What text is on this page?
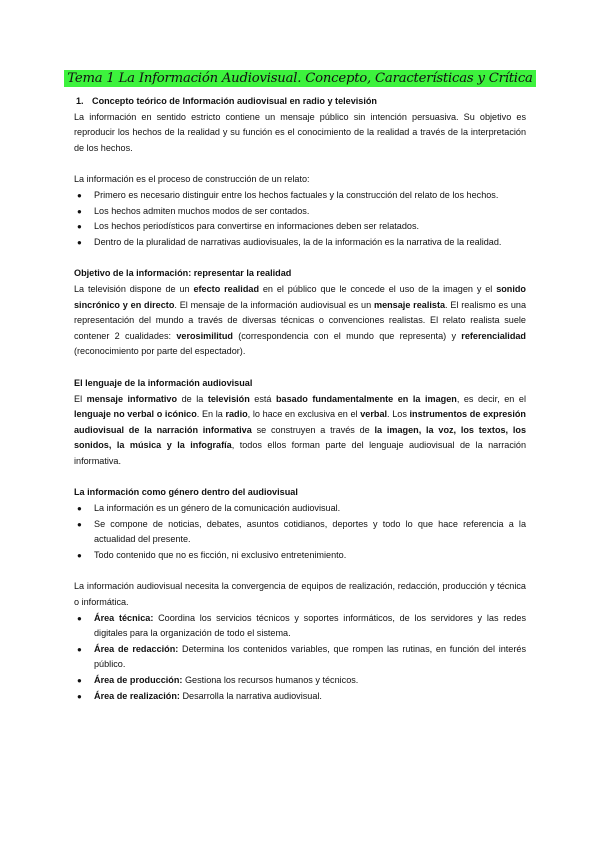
Tema 1 La Información Audiovisual. Concepto, Características y Crítica
1. Concepto teórico de Información audiovisual en radio y televisión

La información en sentido estricto contiene un mensaje público sin intención persuasiva. Su objetivo es reproducir los hechos de la realidad y su función es el conocimiento de la realidad a través de la interpretación de los hechos.

La información es el proceso de construcción de un relato:

● Primero es necesario distinguir entre los hechos factuales y la construcción del relato de los hechos.
● Los hechos admiten muchos modos de ser contados.
● Los hechos periodísticos para convertirse en informaciones deben ser relatados.
● Dentro de la pluralidad de narrativas audiovisuales, la de la información es la narrativa de la realidad.

Objetivo de la información: representar la realidad

La televisión dispone de un efecto realidad en el público que le concede el uso de la imagen y el sonido sincrónico y en directo. El mensaje de la información audiovisual es un mensaje realista. El realismo es una representación del mundo a través de diversas técnicas o convenciones realistas. El relato realista suele contener 2 cualidades: verosimilitud (correspondencia con el mundo que representa) y referencialidad (reconocimiento por parte del espectador).

El lenguaje de la información audiovisual

El mensaje informativo de la televisión está basado fundamentalmente en la imagen, es decir, en el lenguaje no verbal o icónico. En la radio, lo hace en exclusiva en el verbal. Los instrumentos de expresión audiovisual de la narración informativa se construyen a través de la imagen, la voz, los textos, los sonidos, la música y la infografía, todos ellos forman parte del lenguaje audiovisual de la narración informativa.

La información como género dentro del audiovisual

● La información es un género de la comunicación audiovisual.
● Se compone de noticias, debates, asuntos cotidianos, deportes y todo lo que hace referencia a la actualidad del presente.
● Todo contenido que no es ficción, ni exclusivo entretenimiento.

La información audiovisual necesita la convergencia de equipos de realización, redacción, producción y técnica o informática.

● Área técnica: Coordina los servicios técnicos y soportes informáticos, de los servidores y las redes digitales para la organización de todo el sistema.
● Área de redacción: Determina los contenidos variables, que rompen las rutinas, en función del interés público.
● Área de producción: Gestiona los recursos humanos y técnicos.
● Área de realización: Desarrolla la narrativa audiovisual.
